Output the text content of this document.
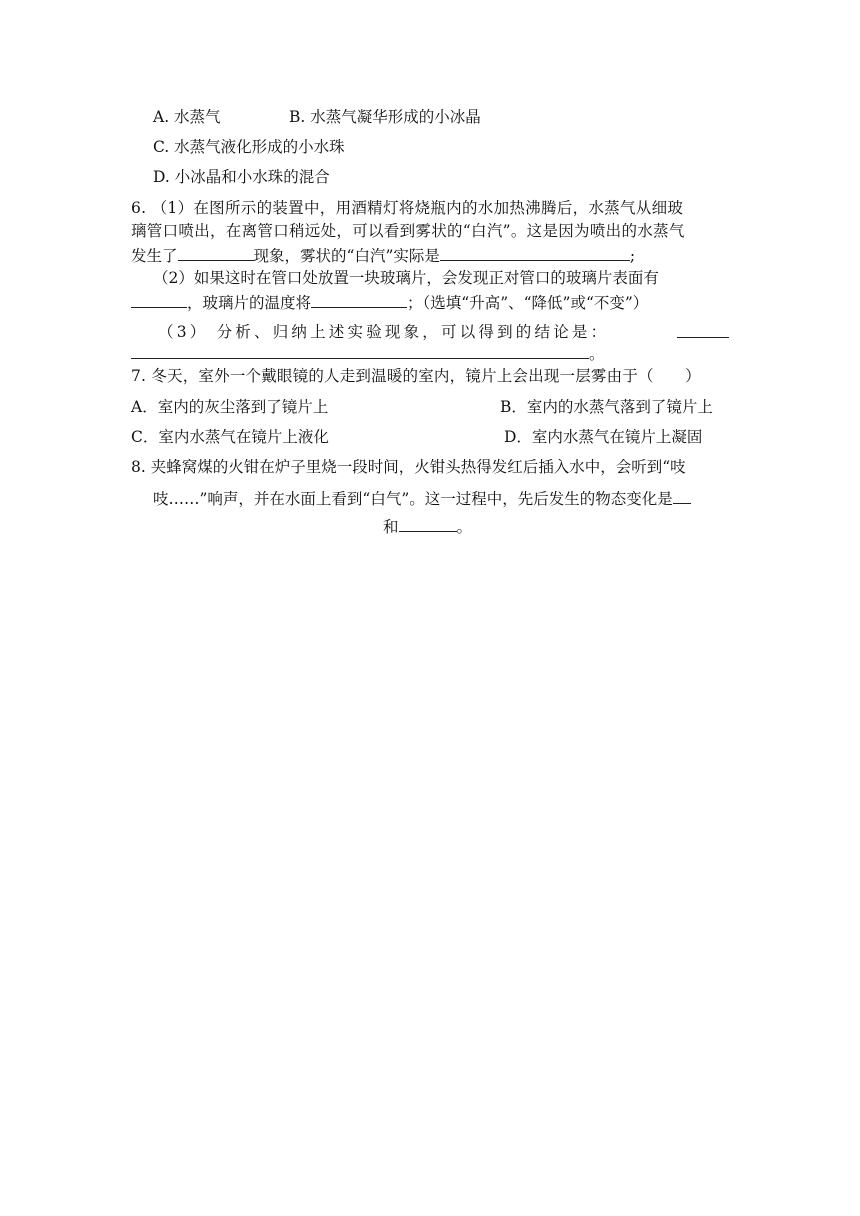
A. 水蒸气	B. 水蒸气凝华形成的小冰晶
C. 水蒸气液化形成的小水珠
D. 小冰晶和小水珠的混合
6. （1）在图所示的装置中，用酒精灯将烧瓶内的水加热沸腾后，水蒸气从细玻
璃管口喷出，在离管口稍远处，可以看到雾状的“白汽”。这是因为喷出的水蒸气
发生了	现象，雾状的“白汽”实际是	;
（2）如果这时在管口处放置一块玻璃片，会发现正对管口的玻璃片表面有
，玻璃片的温度将	；（选填“升高”、“降低”或“不变”）
（3） 分析、归纳上述实验现象，可以得到的结论是：
。
7. 冬天，室外一个戴眼镜的人走到温暖的室内，镜片上会出现一层雾由于（　　）
A．室内的灰尘落到了镜片上	B．室内的水蒸气落到了镜片上
C．室内水蒸气在镜片上液化	D．室内水蒸气在镜片上凝固
8. 夹蜂窝煤的火钳在炉子里烧一段时间，火钳头热得发红后插入水中，会听到“吱
吱……”响声，并在水面上看到“白气”。这一过程中，先后发生的物态变化是
和	。
